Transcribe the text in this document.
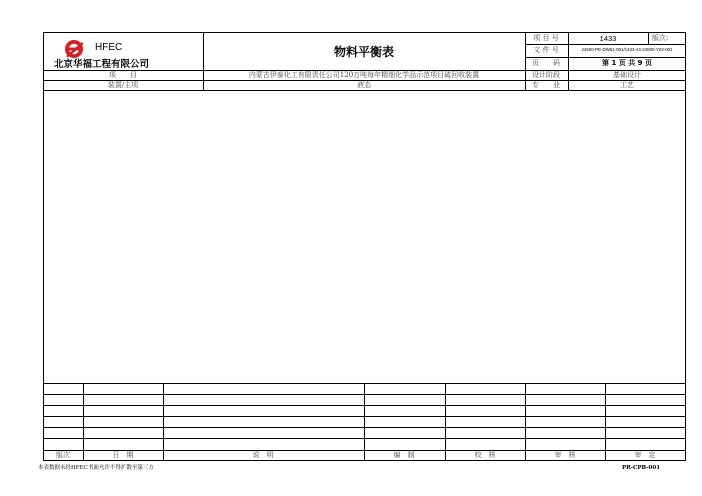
HFEC
北京华福工程有限公司
物料平衡表
项　　目	内蒙古伊泰化工有限责任公司120万吨每年精细化学品示范项目硫回收装置
装置/主项	液态
项 目 号	1433	版次:
文 件 号	24500-PE-DW61-001/1433-44-24500-Y03-001
页　　码	第 1 页 共 9 页
设计阶段	基础设计
专　　业	工艺
版次	日　期	说　明	编　制	校　核	审　核	审　定
本表数据未经HFEC书面允许不得扩散至第三方	PR-CPB-001
